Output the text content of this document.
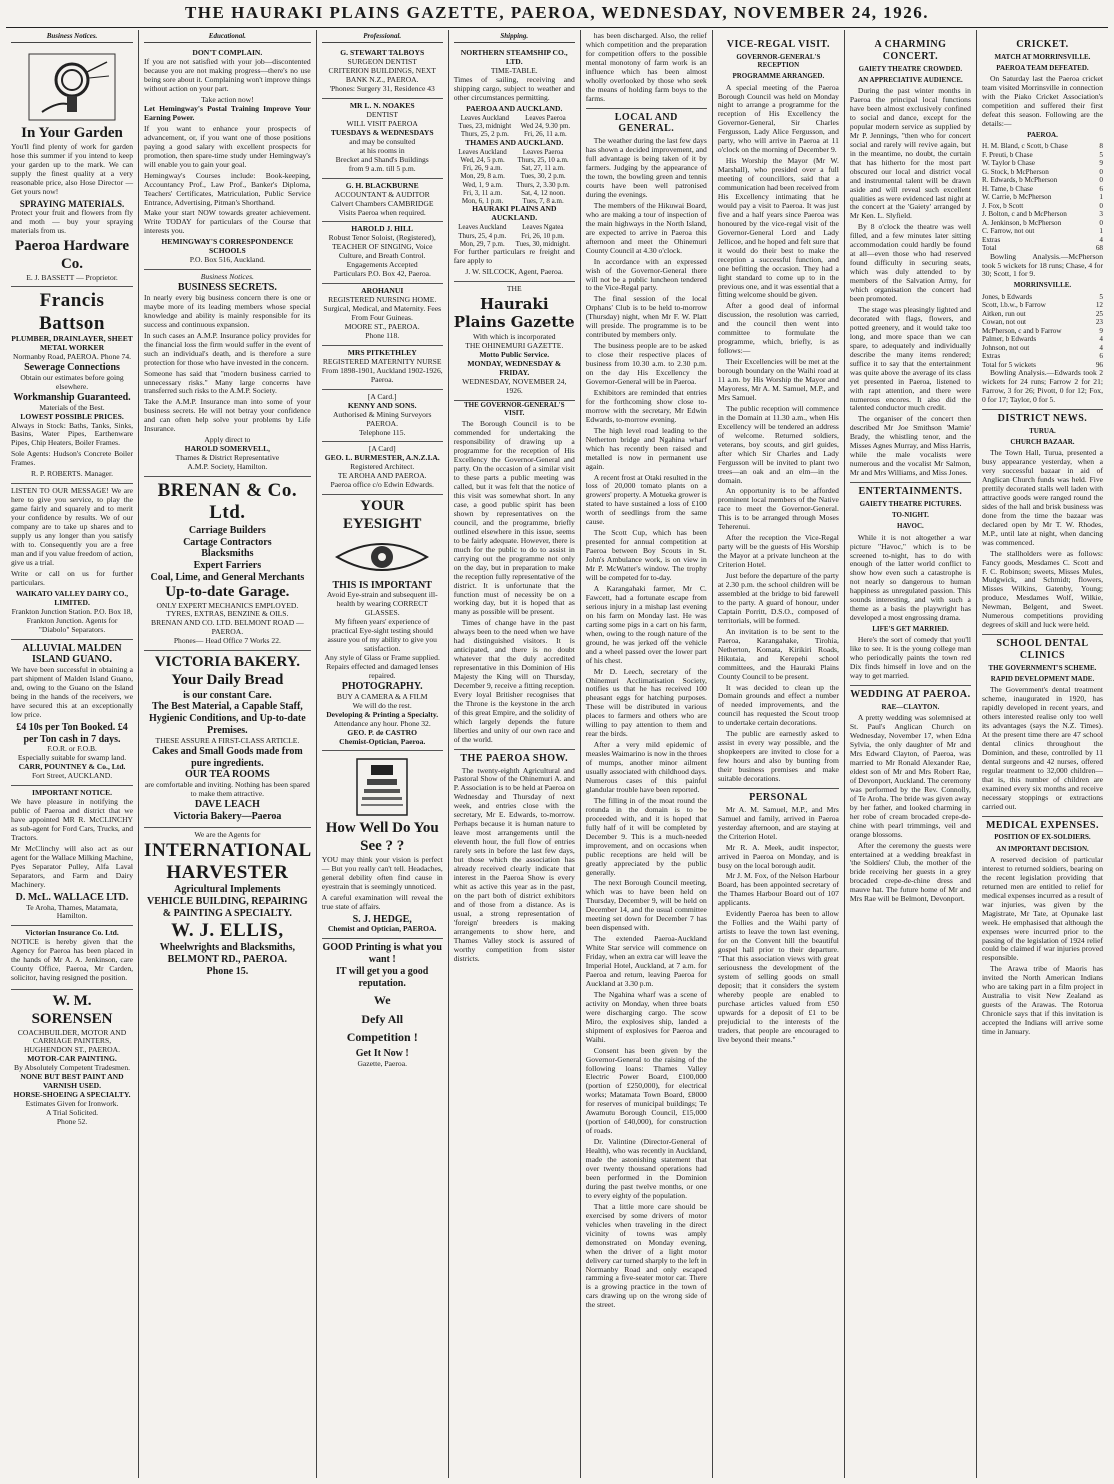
THE HAURAKI PLAINS GAZETTE, PAEROA, WEDNESDAY, NOVEMBER 24, 1926.
Business Notices.
In Your Garden

You'll find plenty of work for garden hose this summer if you intend to keep your garden up to the mark. We can supply the finest quality at a very reasonable price, also Hose Director —Get yours now!

SPRAYING MATERIALS.

Protect your fruit and flowers from fly and moth — buy your spraying materials from us.

Paeroa Hardware Co.
E. J. BASSETT — Proprietor.
Francis Battson
PLUMBER, DRAINLAYER, SHEET METAL WORKER
Normanby Road, PAEROA. Phone 74.
Sewerage Connections
Obtain our estimates before going elsewhere.
Workmanship Guaranteed.
Materials of the Best.
LOWEST POSSIBLE PRICES.

Always in Stock: Baths, Tanks, Sinks, Basins, Water Pipes, Earthenware Pipes, Chip Heaters, Boiler Frames.

Sole Agents: Hudson's Concrete Boiler Frames.

R. P. ROBERTS. Manager.

LISTEN TO OUR MESSAGE! We are here to give you service, to play the game fairly and squarely and to merit your confidence by results. We of our company are to take up shares and to supply us any longer than you satisfy with to. Consequently you are a free man and if you value freedom of action, give us a trial.

Write or call on us for further particulars.

WAIKATO VALLEY DAIRY CO., LIMITED.
Frankton Junction Station. P.O. Box 18, Frankton Junction. Agents for "Diabolo" Separators.
ALLUVIAL MALDEN ISLAND GUANO.

We have been successful in obtaining a part shipment of Malden Island Guano, and, owing to the Guano on the Island being in the hands of the receivers, we have secured this at an exceptionally low price.

£4 10s per Ton Booked. £4 per Ton cash in 7 days.
F.O.R. or F.O.B.
Especially suitable for swamp land.
CARR, POUNTNEY & Co., Ltd.
Fort Street, AUCKLAND.
IMPORTANT NOTICE.

We have pleasure in notifying the public of Paeroa and district that we have appointed MR R. McCLINCHY as sub-agent for Ford Cars, Trucks, and Tractors.

Mr McClinchy will also act as our agent for the Wallace Milking Machine, Pyes Separator Pulley, Alfa Laval Separators, and Farm and Dairy Machinery.

D. McL. WALLACE LTD.
Te Aroha, Thames, Matamata, Hamilton.
Victorian Insurance Co. Ltd.

NOTICE is hereby given that the Agency for Paeroa has been placed in the hands of Mr A. A. Jenkinson, care County Office, Paeroa, Mr Carden, solicitor, having resigned the position.

W. M. SORENSEN
COACHBUILDER, MOTOR AND CARRIAGE PAINTERS, HUGHENDON ST., PAEROA.
MOTOR-CAR PAINTING.
By Absolutely Competent Tradesmen.
NONE BUT BEST PAINT AND VARNISH USED.
HORSE-SHOEING A SPECIALTY.
Estimates Given for Ironwork.
A Trial Solicited.
Phone 52.
Educational.
DON'T COMPLAIN.

If you are not satisfied with your job—discontented because you are not making progress—there's no use being sore about it. Complaining won't improve things without action on your part.

Take action now!

Let Hemingway's Postal Training Improve Your Earning Power.

If you want to enhance your prospects of advancement, or, if you want one of those positions paying a good salary with excellent prospects for promotion, then spare-time study under Hemingway's will enable you to gain your goal.

Hemingway's Courses include: Book-keeping, Accountancy Prof., Law Prof., Banker's Diploma, Teachers' Certificates, Matriculation, Public Service Entrance, Advertising, Pitman's Shorthand.

Make your start NOW towards greater achievement. Write TODAY for particulars of the Course that interests you.

HEMINGWAY'S CORRESPONDENCE SCHOOLS
P.O. Box 516, Auckland.
Business Notices.
BUSINESS SECRETS.

In nearly every big business concern there is one or maybe more of its leading members whose special knowledge and ability is mainly responsible for its success and continuous expansion.

In such cases an A.M.P. Insurance policy provides for the financial loss the firm would suffer in the event of such an individual's death, and is therefore a sure protection for those who have invested in the concern.

Someone has said that "modern business carried to unnecessary risks." Many large concerns have transferred such risks to the A.M.P. Society.

Take the A.M.P. Insurance man into some of your business secrets. He will not betray your confidence and can often help solve your problems by Life Insurance.

Apply direct to
HAROLD SOMERVELL,
Thames & District Representative
A.M.P. Society, Hamilton.
BRENAN & Co. Ltd.
Carriage Builders
Cartage Contractors
Blacksmiths
Expert Farriers
Coal, Lime, and General Merchants
Up-to-date Garage.
ONLY EXPERT MECHANICS EMPLOYED.
TYRES, EXTRAS, BENZINE & OILS.
BRENAN AND CO. LTD. BELMONT ROAD — PAEROA.
Phones— Head Office 7 Works 22.
VICTORIA BAKERY.
Your Daily Bread
is our constant Care.
The Best Material, a Capable Staff, Hygienic Conditions, and Up-to-date Premises.
THESE ASSURE A FIRST-CLASS ARTICLE.
Cakes and Small Goods made from pure ingredients.
OUR TEA ROOMS
are comfortable and inviting. Nothing has been spared to make them attractive.
DAVE LEACH
Victoria Bakery—Paeroa
We are the Agents for
INTERNATIONAL HARVESTER
Agricultural Implements
VEHICLE BUILDING, REPAIRING & PAINTING A SPECIALTY.
W. J. ELLIS,
Wheelwrights and Blacksmiths,
BELMONT RD., PAEROA.
Phone 15.
Professional.
G. STEWART TALBOYS
SURGEON DENTIST
CRITERION BUILDINGS, NEXT BANK N.Z., PAEROA.
'Phones: Surgery 31, Residence 43
MR L. N. NOAKES
DENTIST
WILL VISIT PAEROA
TUESDAYS & WEDNESDAYS
and may be consulted
at his rooms in
Brecket and Shand's Buildings
from 9 a.m. till 5 p.m.
G. H. BLACKBURNE
ACCOUNTANT & AUDITOR
Calvert Chambers CAMBRIDGE
Visits Paeroa when required.
HAROLD J. HILL
Robust Tenor Soloist, (Registered), TEACHER OF SINGING, Voice Culture, and Breath Control.
Engagements Accepted
Particulars P.O. Box 42, Paeroa.
AROHANUI
REGISTERED NURSING HOME.
Surgical, Medical, and Maternity. Fees From Four Guineas.
MOORE ST., PAEROA.
Phone 118.
MRS PITKETHLEY
REGISTERED MATERNITY NURSE
From 1898-1901, Auckland 1902-1926, Paeroa.
[A Card.]
KENNY AND SONS.
Authorised & Mining Surveyors
PAEROA.
Telephone 115.
[A Card]
GEO. L. BURMESTER, A.N.Z.I.A.
Registered Architect.
TE AROHA AND PAEROA.
Paeroa office c/o Edwin Edwards.
YOUR EYESIGHT
THIS IS IMPORTANT
Avoid Eye-strain and subsequent ill-health by wearing CORRECT GLASSES.
My fifteen years' experience of practical Eye-sight testing should assure you of my ability to give you satisfaction.
Any style of Glass or Frame supplied.
Repairs effected and damaged lenses repaired.
PHOTOGRAPHY.
BUY A CAMERA & A FILM
We will do the rest.
Developing & Printing a Specialty.
Attendance any hour. Phone 32.
GEO. P. de CASTRO
Chemist-Optician, Paeroa.
How Well Do You See ? ?

YOU may think your vision is perfect — But you really can't tell. Headaches, general debility often find cause in eyestrain that is seemingly unnoticed.

A careful examination will reveal the true state of affairs.

S. J. HEDGE,
Chemist and Optician, PAEROA.
GOOD Printing is what you want !
IT will get you a good reputation.
We
Defy All
Competition !
Get It Now !
Gazette, Paeroa.
Shipping.
NORTHERN STEAMSHIP CO., LTD.
TIME-TABLE.

Times of sailing, receiving and shipping cargo, subject to weather and other circumstances permitting.

PAEROA AND AUCKLAND.
Leaves Auckland	Leaves Paeroa
Tues, 23, midnight	Wed 24, 9.30 pm.
Thurs, 25, 2 p.m.	Fri, 26, 11 a.m.
THAMES AND AUCKLAND.
Leaves Auckland	Leaves Paeroa
Wed, 24, 5 p.m.	Thurs, 25, 10 a.m.
Fri, 26, 9 a.m.	Sat, 27, 11 a.m.
Mon, 29, 8 a.m.	Tues, 30, 2 p.m.
Wed, 1, 9 a.m.	Thurs, 2, 3.30 p.m.
Fri, 3, 11 a.m.	Sat, 4, 12 noon.
Mon, 6, 1 p.m.	Tues, 7, 8 a.m.
HAURAKI PLAINS AND AUCKLAND.
Leaves Auckland	Leaves Ngatea
Thurs, 25, 4 p.m.	Fri, 26, 10 p.m.
Mon, 29, 7 p.m.	Tues, 30, midnight.

For further particulars re freight and fare apply to

J. W. SILCOCK, Agent, Paeroa.
THE
Hauraki Plains Gazette
With which is incorporated
THE OHINEMURI GAZETTE.
Motto Public Service.
MONDAY, WEDNESDAY & FRIDAY.
WEDNESDAY, NOVEMBER 24, 1926.
THE GOVERNOR-GENERAL'S VISIT.

The Borough Council is to be commended for undertaking the responsibility of drawing up a programme for the reception of His Excellency the Governor-General and party. On the occasion of a similar visit to these parts a public meeting was called, but it was felt that the notice of this visit was somewhat short. In any case, a good public spirit has been shown by representatives on the council, and the programme, briefly outlined elsewhere in this issue, seems to be fairly adequate. However, there is much for the public to do to assist in carrying out the programme not only on the day, but in preparation to make the reception fully representative of the district. It is unfortunate that the function must of necessity be on a working day, but it is hoped that as many as possible will be present.

Times of change have in the past always been to the need when we have had distinguished visitors. It is anticipated, and there is no doubt whatever that the duly accredited representative in this Dominion of His Majesty the King will on Thursday, December 9, receive a fitting reception. Every loyal Britisher recognises that the Throne is the keystone in the arch of this great Empire, and the solidity of which largely depends the future liberties and unity of our own race and of the world.

THE PAEROA SHOW.

The twenty-eighth Agricultural and Pastoral Show of the Ohinemuri A. and P. Association is to be held at Paeroa on Wednesday and Thursday of next week, and entries close with the secretary, Mr E. Edwards, to-morrow. Perhaps because it is human nature to leave most arrangements until the eleventh hour, the full flow of entries rarely sets in before the last few days, but those which the association has already received clearly indicate that interest in the Paeroa Show is every whit as active this year as in the past, on the part both of district exhibitors and of those from a distance. As is usual, a strong representation of 'foreign' breeders is making arrangements to show here, and Thames Valley stock is assured of worthy competition from sister districts.

has been discharged. Also, the relief which competition and the preparation for competition offers to the possible mental monotony of farm work is an influence which has been almost wholly overlooked by those who seek the means of holding farm boys to the farms.

LOCAL AND GENERAL.

The weather during the last few days has shown a decided improvement, and full advantage is being taken of it by farmers. Judging by the appearance of the town, the bowling green and tennis courts have been well patronised during the evenings.

The members of the Hikuwai Board, who are making a tour of inspection of the main highways in the North Island, are expected to arrive in Paeroa this afternoon and meet the Ohinemuri County Council at 4.30 o'clock.

In accordance with an expressed wish of the Governor-General there will not be a public luncheon tendered to the Vice-Regal party.

The final session of the local Orphans' Club is to be held to-morrow (Thursday) night, when Mr F. W. Platt will preside. The programme is to be contributed by members only.

The business people are to be asked to close their respective places of business from 10.30 a.m. to 2.30 p.m. on the day His Excellency the Governor-General will be in Paeroa.

Exhibitors are reminded that entries for the forthcoming show close to-morrow with the secretary, Mr Edwin Edwards, to-morrow evening.

The high level road leading to the Netherton bridge and Ngahina wharf which has recently been raised and metalled is now in permanent use again.

A recent frost at Otaki resulted in the loss of 20,000 tomato plants on a growers' property. A Motueka grower is stated to have sustained a loss of £100 worth of seedlings from the same cause.

The Scott Cup, which has been presented for annual competition at Paeroa between Boy Scouts in St. John's Ambulance work, is on view in Mr P. McWatter's window. The trophy will be competed for to-day.

A Karangahaki farmer, Mr C. Fawcett, had a fortunate escape from serious injury in a mishap last evening on his farm on Monday last. He was carting some pigs in a cart on his farm, when, owing to the rough nature of the ground, he was jerked off the vehicle and a wheel passed over the lower part of his chest.

Mr D. Leech, secretary of the Ohinemuri Acclimatisation Society, notifies us that he has received 100 pheasant eggs for hatching purposes. These will be distributed in various places to farmers and others who are willing to pay attention to them and rear the birds.

After a very mild epidemic of measles Waimarino is now in the throes of mumps, another minor ailment usually associated with childhood days. Numerous cases of this painful glandular trouble have been reported.

The filling in of the moat round the rotunda in the domain is to be proceeded with, and it is hoped that fully half of it will be completed by December 9. This is a much-needed improvement, and on occasions when public receptions are held will be greatly appreciated by the public generally.

The next Borough Council meeting, which was to have been held on Thursday, December 9, will be held on December 14, and the usual committee meeting set down for December 7 has been dispensed with.

The extended Paeroa-Auckland White Star service will commence on Friday, when an extra car will leave the Imperial Hotel, Auckland, at 7 a.m. for Paeroa and return, leaving Paeroa for Auckland at 3.30 p.m.

The Ngahina wharf was a scene of activity on Monday, when three boats were discharging cargo. The scow Miro, the explosives ship, landed a shipment of explosives for Paeroa and Waihi.

Consent has been given by the Governor-General to the raising of the following loans: Thames Valley Electric Power Board, £100,000 (portion of £250,000), for electrical works; Matamata Town Board, £8000 for reserves of municipal buildings; Te Awamutu Borough Council, £15,000 (portion of £40,000), for construction of roads.

Dr. Valintine (Director-General of Health), who was recently in Auckland, made the astonishing statement that over twenty thousand operations had been performed in the Dominion during the past twelve months, or one to every eighty of the population.

That a little more care should be exercised by some drivers of motor vehicles when traveling in the direct vicinity of towns was amply demonstrated on Monday evening, when the driver of a light motor delivery car turned sharply to the left in Normanby Road and only escaped ramming a five-seater motor car. There is a growing practice in the town of cars drawing up on the wrong side of the street.

VICE-REGAL VISIT.
GOVERNOR-GENERAL'S RECEPTION
PROGRAMME ARRANGED.

A special meeting of the Paeroa Borough Council was held on Monday night to arrange a programme for the reception of His Excellency the Governor-General, Sir Charles Fergusson, Lady Alice Fergusson, and party, who will arrive in Paeroa at 11 o'clock on the morning of December 9.

His Worship the Mayor (Mr W. Marshall), who presided over a full meeting of councillors, said that a communication had been received from His Excellency intimating that he would pay a visit to Paeroa. It was just five and a half years since Paeroa was honoured by the vice-regal visit of the Governor-General Lord and Lady Jellicoe, and he hoped and felt sure that it would do their best to make the reception a successful function, and one befitting the occasion. They had a light standard to come up to in the previous one, and it was essential that a fitting welcome should be given.

After a good deal of informal discussion, the resolution was carried, and the council then went into committee to formulate the programme, which, briefly, is as follows:—

Their Excellencies will be met at the borough boundary on the Waihi road at 11 a.m. by His Worship the Mayor and Mayoress, Mr A. M. Samuel, M.P., and Mrs Samuel.

The public reception will commence in the Domain at 11.30 a.m., when His Excellency will be tendered an address of welcome. Returned soldiers, veterans, boy scouts, and girl guides, after which Sir Charles and Lady Fergusson will be invited to plant two trees—an oak and an elm—in the domain.

An opportunity is to be afforded prominent local members of the Native race to meet the Governor-General. This is to be arranged through Moses Teherenui.

After the reception the Vice-Regal party will be the guests of His Worship the Mayor at a private luncheon at the Criterion Hotel.

Just before the departure of the party at 2.30 p.m. the school children will be assembled at the bridge to bid farewell to the party. A guard of honour, under Captain Porritt, D.S.O., composed of territorials, will be formed.

An invitation is to be sent to the Paeroa, Karangahake, Tirohia, Netherton, Komata, Kirikiri Roads, Hikutaia, and Kerepehi school committees, and the Hauraki Plains County Council to be present.

It was decided to clean up the Domain grounds and effect a number of needed improvements, and the council has requested the Scout troop to undertake certain decorations.

The public are earnestly asked to assist in every way possible, and the shopkeepers are invited to close for a few hours and also by bunting from their business premises and make suitable decorations.

PERSONAL

Mr A. M. Samuel, M.P., and Mrs Samuel and family, arrived in Paeroa yesterday afternoon, and are staying at the Criterion Hotel.

Mr R. A. Meek, audit inspector, arrived in Paeroa on Monday, and is busy on the local borough audit.

Mr J. M. Fox, of the Nelson Harbour Board, has been appointed secretary of the Thames Harbour Board out of 107 applicants.

Evidently Paeroa has been to allow the Follies and the Waihi party of artists to leave the town last evening, for on the Convent hill the beautiful gospel hall prior to their departure. "That this association views with great seriousness the development of the system of selling goods on small deposit; that it considers the system whereby people are enabled to purchase articles valued from £50 upwards for a deposit of £1 to be prejudicial to the interests of the traders, that people are encouraged to live beyond their means."

A CHARMING CONCERT.
GAIETY THEATRE CROWDED.
AN APPRECIATIVE AUDIENCE.

During the past winter months in Paeroa the principal local functions have been almost exclusively confined to social and dance, except for the popular modern service as supplied by Mr P. Jennings, "then who for concert social and rarely will revive again, but in the meantime, no doubt, the curtain that has hitherto for the most part obscured our local and district vocal and instrumental talent will be drawn aside and will reveal such excellent qualities as were evidenced last night at the concert at the 'Gaiety' arranged by Mr Ken. L. Slyfield.

By 8 o'clock the theatre was well filled, and a few minutes later sitting accommodation could hardly be found at all—even those who had reserved found difficulty in securing seats, which was duly attended to by members of the Salvation Army, for which organisation the concert had been promoted.

The stage was pleasingly lighted and decorated with flags, flowers, and potted greenery, and it would take too long, and more space than we can spare, to adequately and individually describe the many items rendered; suffice it to say that the entertainment was quite above the average of its class yet presented in Paeroa, listened to with rapt attention, and there were numerous encores. It also did the talented conductor much credit.

The organiser of the concert then described Mr Joe Smithson 'Mamie' Brady, the whistling tenor, and the Misses Agnes Murray, and Miss Harris, while the male vocalists were numerous and the vocalist Mr Salmon, Mr and Mrs Williams, and Miss Jones.

ENTERTAINMENTS.
GAIETY THEATRE PICTURES.
TO-NIGHT.
HAVOC.

While it is not altogether a war picture "Havoc," which is to be screened to-night, has to do with enough of the latter world conflict to show how even such a catastrophe is not nearly so dangerous to human happiness as unregulated passion. This sounds interesting, and with such a theme as a basis the playwright has developed a most engrossing drama.

LIFE'S GET MARRIED.

Here's the sort of comedy that you'll like to see. It is the young college man who periodically paints the town red Dix finds himself in love and on the way to get married.

WEDDING AT PAEROA.
RAE—CLAYTON.

A pretty wedding was solemnised at St. Paul's Anglican Church on Wednesday, November 17, when Edna Sylvia, the only daughter of Mr and Mrs Edward Clayton, of Paeroa, was married to Mr Ronald Alexander Rae, eldest son of Mr and Mrs Robert Rae, of Devonport, Auckland. The ceremony was performed by the Rev. Connolly, of Te Aroha. The bride was given away by her father, and looked charming in her robe of cream brocaded crepe-de-chine with pearl trimmings, veil and orange blossoms.

After the ceremony the guests were entertained at a wedding breakfast in 'the Soldiers' Club, the mother of the bride receiving her guests in a grey brocaded crepe-de-chine dress and mauve hat. The future home of Mr and Mrs Rae will be Belmont, Devonport.

CRICKET.
MATCH AT MORRINSVILLE.
PAEROA TEAM DEFEATED.

On Saturday last the Paeroa cricket team visited Morrinsville in connection with the Piako Cricket Association's competition and suffered their first defeat this season. Following are the details:—

PAEROA.
H. M. Bland, c Scott, b Chase	8
F. Preuti, b Chase	5
W. Taylor b Chase	9
G. Stock, b McPherson	0
R. Edwards, b McPherson	0
H. Tame, b Chase	6
W. Carrie, b McPherson	1
J. Fox, b Scott	0
J. Bolton, c and b McPherson	3
A. Jenkinson, b McPherson	0
C. Farrow, not out	1
Extras	4
Total	68

Bowling Analysis.—McPherson took 5 wickets for 18 runs; Chase, 4 for 30; Scott, 1 for 9.

MORRINSVILLE.
Jones, b Edwards	5
Scott, l.b.w., b Farrow	12
Aitken, run out	25
Cowan, not out	23
McPherson, c and b Farrow	9
Palmer, b Edwards	4
Johnson, not out	4
Extras	6
Total for 5 wickets	96

Bowling Analysis.—Edwards took 2 wickets for 24 runs; Farrow 2 for 21; Farrow, 3 for 26; Pivott, 0 for 12; Fox, 0 for 17; Taylor, 0 for 5.

DISTRICT NEWS.
TURUA.
CHURCH BAZAAR.

The Town Hall, Turua, presented a busy appearance yesterday, when a very successful bazaar in aid of Anglican Church funds was held. Five prettily decorated stalls well laden with attractive goods were ranged round the sides of the hall and brisk business was done from the time the bazaar was declared open by Mr T. W. Rhodes, M.P., until late at night, when dancing was commenced.

The stallholders were as follows: Fancy goods, Mesdames C. Scott and F. C. Robinson; sweets, Misses Mules, Mudgwick, and Schmidt; flowers, Misses Wilkins, Gatenby, Young; produce, Mesdames Wolf, Wilkie, Newman, Belgent, and Sweet. Numerous competitions providing degrees of skill and luck were held.

SCHOOL DENTAL CLINICS
THE GOVERNMENT'S SCHEME.
RAPID DEVELOPMENT MADE.

The Government's dental treatment scheme, inaugurated in 1920, has rapidly developed in recent years, and others interested realise only too well its advantages (says the N.Z. Times). At the present time there are 47 school dental clinics throughout the Dominion, and these, controlled by 11 dental surgeons and 42 nurses, offered regular treatment to 32,000 children—that is, this number of children are examined every six months and receive necessary stoppings or extractions carried out.

MEDICAL EXPENSES.
POSITION OF EX-SOLDIERS.
AN IMPORTANT DECISION.

A reserved decision of particular interest to returned soldiers, bearing on the recent legislation providing that returned men are entitled to relief for medical expenses incurred as a result of war injuries, was given by the Magistrate, Mr Tate, at Opunake last week. He emphasised that although the expenses were incurred prior to the passing of the legislation of 1924 relief could be claimed if war injuries proved responsible.

The Arawa tribe of Maoris has invited the North American Indians who are taking part in a film project in Australia to visit New Zealand as guests of the Arawas. The Rotorua Chronicle says that if this invitation is accepted the Indians will arrive some time in January.
